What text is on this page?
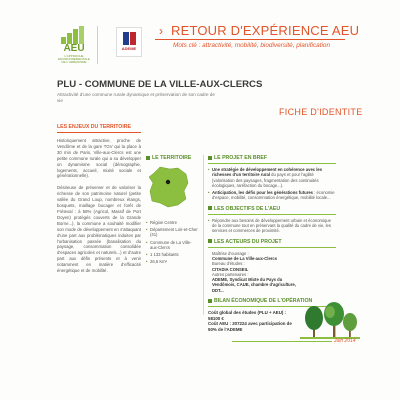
AEU
L'APPROCHE ENVIRONNEMENTALE DE L'URBANISME
ADEME
› RETOUR D'EXPÉRIENCE AEU
Mots clé : attractivité, mobilité, biodiversité, planification
PLU - COMMUNE DE LA VILLE-AUX-CLERCS
Attractivité d'une commune rurale dynamique et préservation de son cadre de vie
FICHE D'IDENTITE
LES ENJEUX DU TERRITOIRE

Historiquement attractive, proche de Vendôme et de la gare TGV qui la place à 30 min de Paris, Ville-aux-Clercs est une petite commune rurale qui a su développer un dynamisme social (démographie, logements, accueil, mixité sociale et générationnelle).

Désireuse de préserver et de valoriser la richesse de son patrimoine naturel (petite vallée du Grand Loup, nombreux étangs, bosquets, maillage bocager et forêt de Fréteval : à 58% (Agricol, Massif de Port Doyen) protégés couverts de la Grande Borne...), la commune a souhaité modifier son mode de développement en s'attaquant d'une part aux problématiques induites par l'urbanisation passée (banalisation du paysage, consommation consolidée d'espaces agricoles et naturels...) et d'autre part aux défis présents et à venir notamment en matière d'efficacité énergétique et de mobilité.

LE TERRITOIRE
• Région Centre
• Département Loir-et-Cher (41)
• Commune de La Ville-aux-Clercs
• 1 133 habitants
• 26,6 Km²
LE PROJET EN BREF
• Une stratégie de développement en cohérence avec les richesses d'un territoire rural du pays et pour l'agilité (valorisation des paysages, fragmentation des continuités écologiques, raréfaction du bocage...).
• Anticipation, les défis pour les générations futures : économie d'espace, mobilité, consommation énergétique, mobilité locale...
LES OBJECTIFS DE L'AEU
• Répondre aux besoins de développement urbain et économique de la commune tout en préservant la qualité du cadre de vie, les services et commerces de proximité.
LES ACTEURS DU PROJET
Maîtrise d'ouvrage :
Commune de La Ville-aux-Clercs
Bureau d'études :
CITADIA CONSEIL
Autres partenaires :
ADEME, Syndicat Mixte du Pays du Vendômois, CAUE, chambre d'agriculture, DDT...
BILAN ÉCONOMIQUE DE L'OPÉRATION
Coût global des études (PLU + AEU) : 58100 €
Coût AEU : 207224 avec participation de 50% de l'ADEME
Juin 2014
